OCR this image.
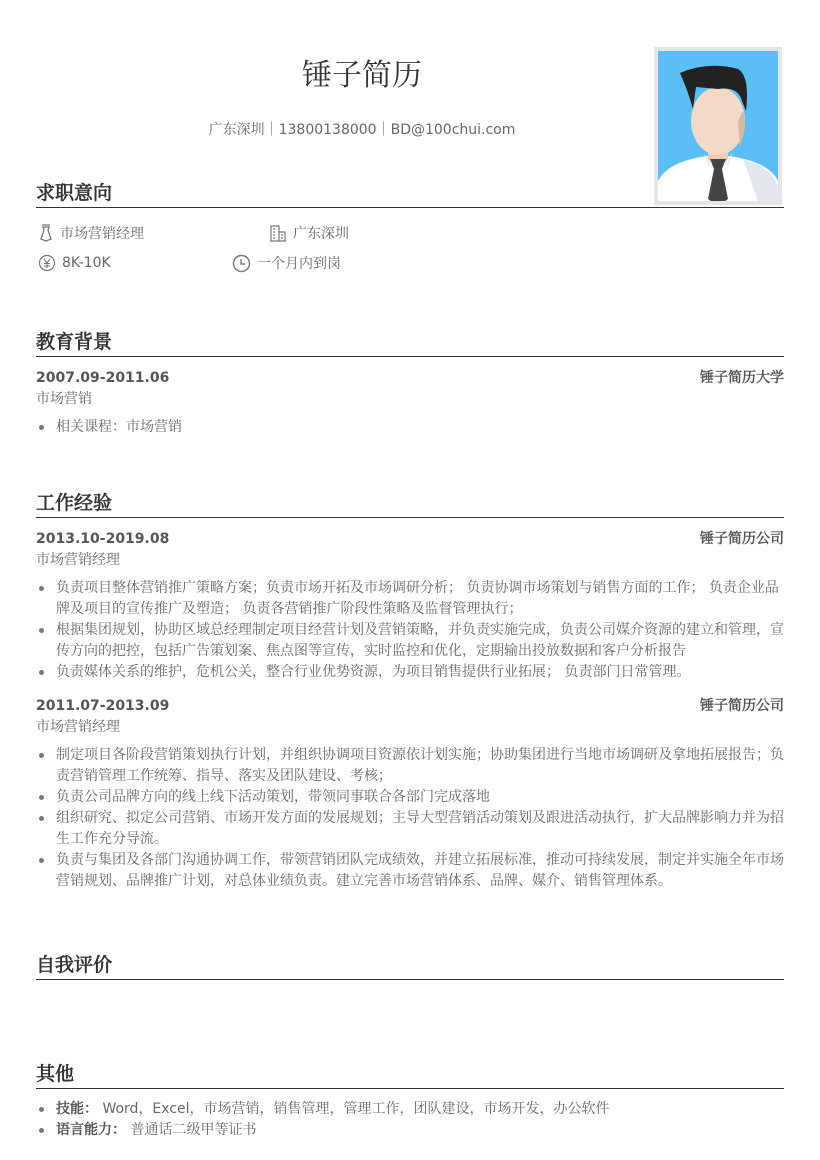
锤子简历
广东深圳｜13800138000｜BD@100chui.com
求职意向
市场营销经理	广东深圳
8K-10K	一个月内到岗
教育背景
2007.09-2011.06	锤子简历大学
市场营销
相关课程：市场营销
工作经验
2013.10-2019.08	锤子简历公司
市场营销经理
负责项目整体营销推广策略方案；负责市场开拓及市场调研分析； 负责协调市场策划与销售方面的工作； 负责企业品牌及项目的宣传推广及塑造； 负责各营销推广阶段性策略及监督管理执行；
根据集团规划，协助区域总经理制定项目经营计划及营销策略，并负责实施完成，负责公司媒介资源的建立和管理，宣传方向的把控，包括广告策划案、焦点图等宣传，实时监控和优化，定期输出投放数据和客户分析报告
负责媒体关系的维护，危机公关，整合行业优势资源，为项目销售提供行业拓展； 负责部门日常管理。
2011.07-2013.09	锤子简历公司
市场营销经理
制定项目各阶段营销策划执行计划，并组织协调项目资源依计划实施；协助集团进行当地市场调研及拿地拓展报告；负责营销管理工作统筹、指导、落实及团队建设、考核；
负责公司品牌方向的线上线下活动策划，带领同事联合各部门完成落地
组织研究、拟定公司营销、市场开发方面的发展规划；主导大型营销活动策划及跟进活动执行，扩大品牌影响力并为招生工作充分导流。
负责与集团及各部门沟通协调工作，带领营销团队完成绩效，并建立拓展标准，推动可持续发展，制定并实施全年市场营销规划、品牌推广计划，对总体业绩负责。建立完善市场营销体系、品牌、媒介、销售管理体系。
自我评价
其他
技能： Word，Excel，市场营销，销售管理，管理工作，团队建设，市场开发，办公软件
语言能力： 普通话二级甲等证书
